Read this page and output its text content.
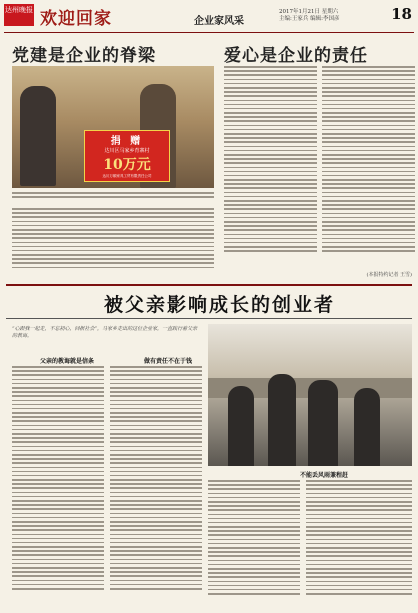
达州晚报 欢迎回家	企业家风采
2017年1月21日 星期六
主编:王家兵 编辑:李国彦	18
党建是企业的脊梁	爱心是企业的责任
捐 赠
达川区马家乡育寨村
10万元
达川万顺家具工贸有限责任公司
(本报特约记者 王雪)
被父亲影响成长的创业者
“心跟我一起走，不忘初心，回报社会”，马家乡走出的这位企业家，一直践行着父亲的教诲。
父亲的教诲就是信条	做有责任不在于钱
不能丢风雨兼程赶
